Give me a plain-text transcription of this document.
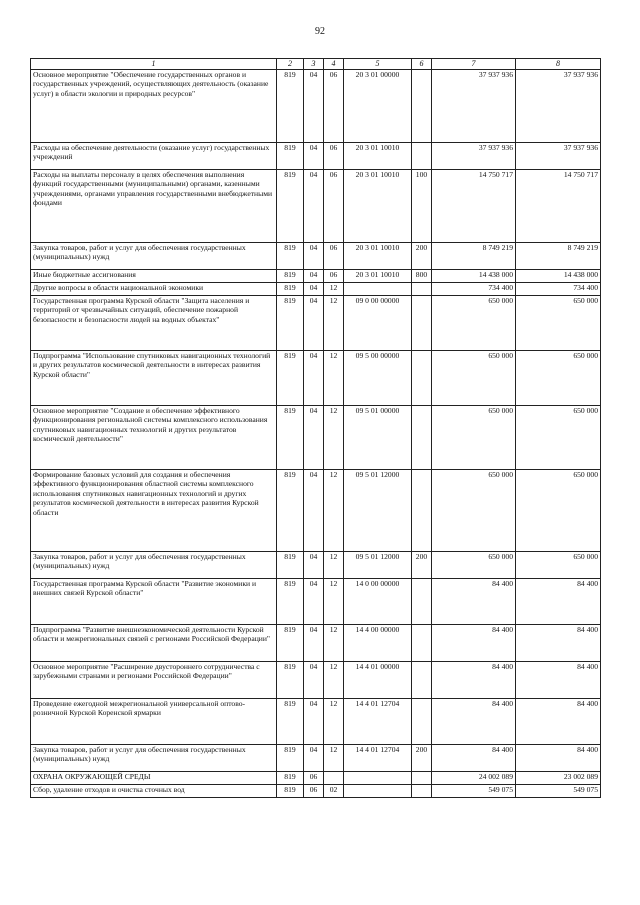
92
1	2	3	4	5	6	7	8
Основное мероприятие "Обеспечение государственных органов и государственных учреждений, осуществляющих деятельность (оказание услуг) в области экологии и природных ресурсов"	819	04	06	20 3 01 00000		37 937 936	37 937 936
Расходы на обеспечение деятельности (оказание услуг) государственных учреждений	819	04	06	20 3 01 10010		37 937 936	37 937 936
Расходы на выплаты персоналу в целях обеспечения выполнения функций государственными (муниципальными) органами, казенными учреждениями, органами управления государственными внебюджетными фондами	819	04	06	20 3 01 10010	100	14 750 717	14 750 717
Закупка товаров, работ и услуг для обеспечения государственных (муниципальных) нужд	819	04	06	20 3 01 10010	200	8 749 219	8 749 219
Иные бюджетные ассигнования	819	04	06	20 3 01 10010	800	14 438 000	14 438 000
Другие вопросы в области национальной экономики	819	04	12			734 400	734 400
Государственная программа Курской области "Защита населения и территорий от чрезвычайных ситуаций, обеспечение пожарной безопасности и безопасности людей на водных объектах"	819	04	12	09 0 00 00000		650 000	650 000
Подпрограмма "Использование спутниковых навигационных технологий и других результатов космической деятельности в интересах развития Курской области"	819	04	12	09 5 00 00000		650 000	650 000
Основное мероприятие "Создание и обеспечение эффективного функционирования региональной системы комплексного использования спутниковых навигационных технологий и других результатов космической деятельности"	819	04	12	09 5 01 00000		650 000	650 000
Формирование базовых условий для создания и обеспечения эффективного функционирования областной системы комплексного использования спутниковых навигационных технологий и других результатов космической деятельности в интересах развития Курской области	819	04	12	09 5 01 12000		650 000	650 000
Закупка товаров, работ и услуг для обеспечения государственных (муниципальных) нужд	819	04	12	09 5 01 12000	200	650 000	650 000
Государственная программа Курской области "Развитие экономики и внешних связей Курской области"	819	04	12	14 0 00 00000		84 400	84 400
Подпрограмма "Развитие внешнеэкономической деятельности Курской области и межрегиональных связей с регионами Российской Федерации"	819	04	12	14 4 00 00000		84 400	84 400
Основное мероприятие "Расширение двустороннего сотрудничества с зарубежными странами и регионами Российской Федерации"	819	04	12	14 4 01 00000		84 400	84 400
Проведение ежегодной межрегиональной универсальной оптово-розничной Курской Коренской ярмарки	819	04	12	14 4 01 12704		84 400	84 400
Закупка товаров, работ и услуг для обеспечения государственных (муниципальных) нужд	819	04	12	14 4 01 12704	200	84 400	84 400
ОХРАНА ОКРУЖАЮЩЕЙ СРЕДЫ	819	06				24 002 089	23 002 089
Сбор, удаление отходов и очистка сточных вод	819	06	02			549 075	549 075
